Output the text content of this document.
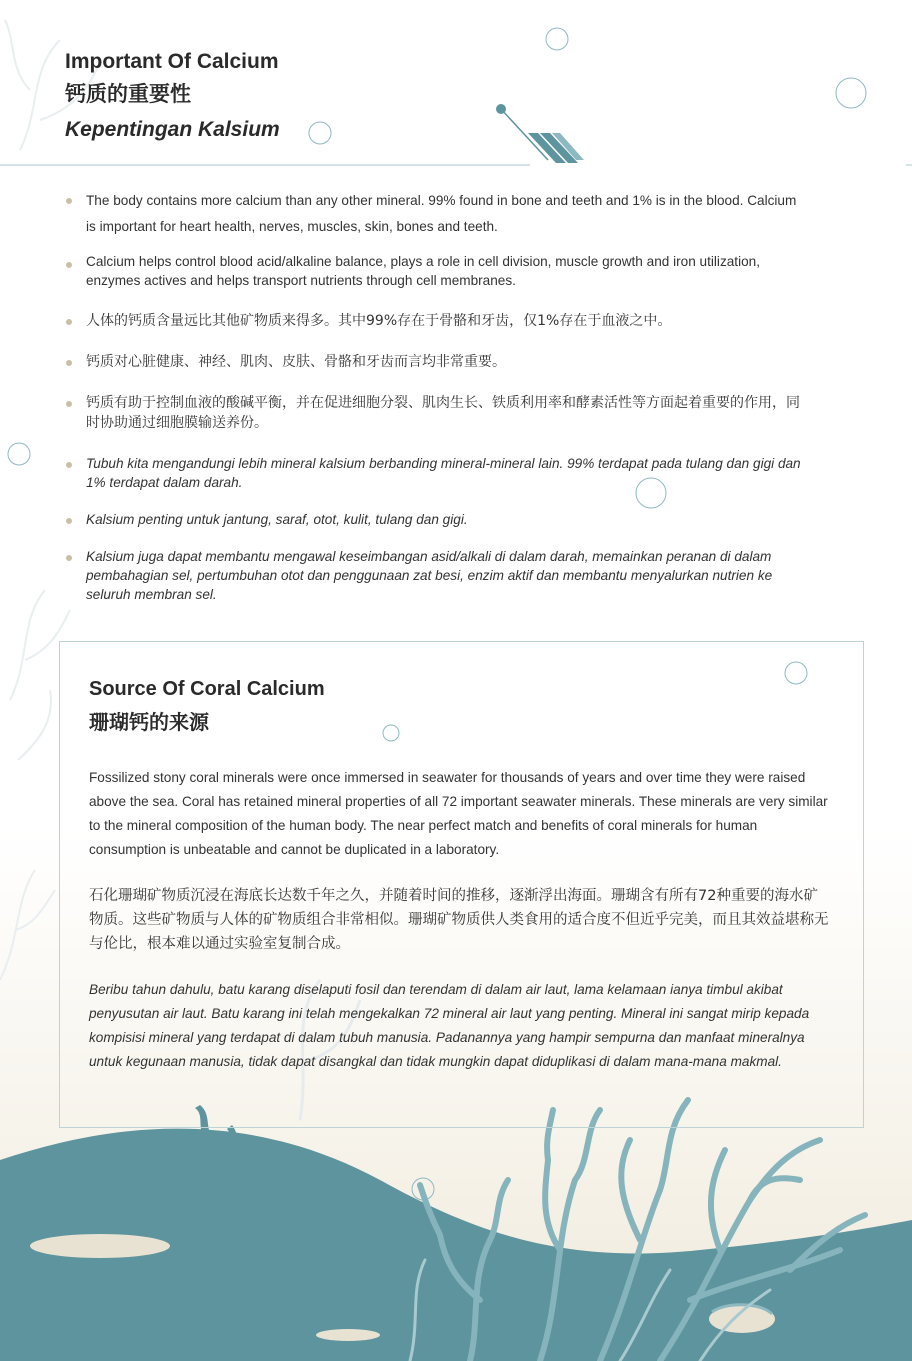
Important Of Calcium
钙质的重要性
Kepentingan Kalsium
The body contains more calcium than any other mineral. 99% found in bone and teeth and 1% is in the blood. Calcium is important for heart health, nerves, muscles, skin, bones and teeth.
Calcium helps control blood acid/alkaline balance, plays a role in cell division, muscle growth and iron utilization, enzymes actives and helps transport nutrients through cell membranes.
人体的钙质含量远比其他矿物质来得多。其中99%存在于骨骼和牙齿，仅1%存在于血液之中。
钙质对心脏健康、神经、肌肉、皮肤、骨骼和牙齿而言均非常重要。
钙质有助于控制血液的酸碱平衡，并在促进细胞分裂、肌肉生长、铁质利用率和酵素活性等方面起着重要的作用，同时协助通过细胞膜输送养份。
Tubuh kita mengandungi lebih mineral kalsium berbanding mineral-mineral lain. 99% terdapat pada tulang dan gigi dan 1% terdapat dalam darah.
Kalsium penting untuk jantung, saraf, otot, kulit, tulang dan gigi.
Kalsium juga dapat membantu mengawal keseimbangan asid/alkali di dalam darah, memainkan peranan di dalam pembahagian sel, pertumbuhan otot dan penggunaan zat besi, enzim aktif dan membantu menyalurkan nutrien ke seluruh membran sel.
Source Of Coral Calcium
珊瑚钙的来源

Fossilized stony coral minerals were once immersed in seawater for thousands of years and over time they were raised above the sea. Coral has retained mineral properties of all 72 important seawater minerals. These minerals are very similar to the mineral composition of the human body. The near perfect match and benefits of coral minerals for human consumption is unbeatable and cannot be duplicated in a laboratory.

石化珊瑚矿物质沉浸在海底长达数千年之久，并随着时间的推移，逐渐浮出海面。珊瑚含有所有72种重要的海水矿物质。这些矿物质与人体的矿物质组合非常相似。珊瑚矿物质供人类食用的适合度不但近乎完美，而且其效益堪称无与伦比，根本难以通过实验室复制合成。

Beribu tahun dahulu, batu karang diselaputi fosil dan terendam di dalam air laut, lama kelamaan ianya timbul akibat penyusutan air laut. Batu karang ini telah mengekalkan 72 mineral air laut yang penting. Mineral ini sangat mirip kepada kompisisi mineral yang terdapat di dalam tubuh manusia. Padanannya yang hampir sempurna dan manfaat mineralnya untuk kegunaan manusia, tidak dapat disangkal dan tidak mungkin dapat diduplikasi di dalam mana-mana makmal.
